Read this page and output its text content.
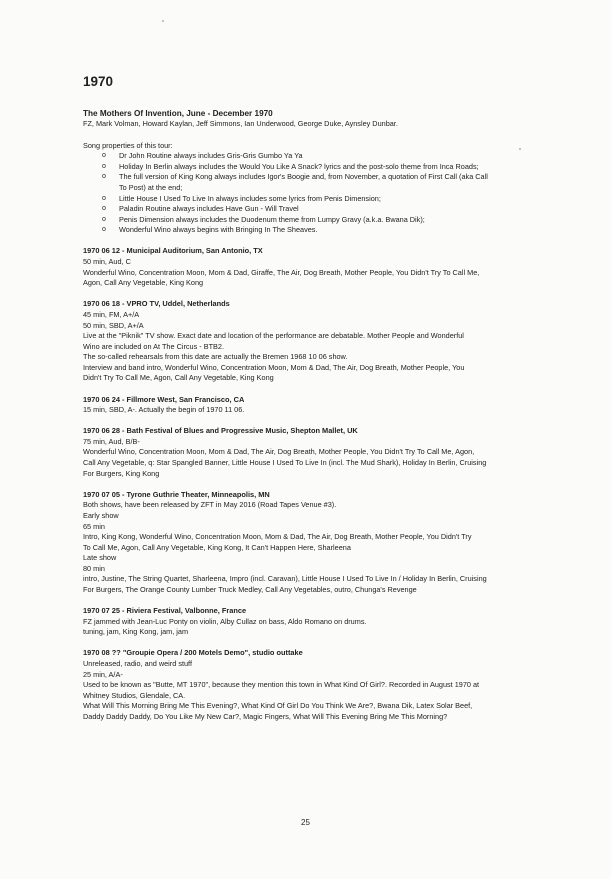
1970

The Mothers Of Invention, June - December 1970

FZ, Mark Volman, Howard Kaylan, Jeff Simmons, Ian Underwood, George Duke, Aynsley Dunbar.

Song properties of this tour:

o Dr John Routine always includes Gris-Gris Gumbo Ya Ya
o Holiday In Berlin always includes the Would You Like A Snack? lyrics and the post-solo theme from Inca Roads;
o The full version of King Kong always includes Igor's Boogie and, from November, a quotation of First Call (aka Call
To Post) at the end;
o Little House I Used To Live In always includes some lyrics from Penis Dimension;
o Paladin Routine always includes Have Gun - Will Travel
o Penis Dimension always includes the Duodenum theme from Lumpy Gravy (a.k.a. Bwana Dik);
o Wonderful Wino always begins with Bringing In The Sheaves.

1970 06 12 - Municipal Auditorium, San Antonio, TX

50 min, Aud, C

Wonderful Wino, Concentration Moon, Mom & Dad, Giraffe, The Air, Dog Breath, Mother People, You Didn't Try To Call Me,

Agon, Call Any Vegetable, King Kong

1970 06 18 - VPRO TV, Uddel, Netherlands

45 min, FM, A+/A

50 min, SBD, A+/A

Live at the "Piknik" TV show. Exact date and location of the performance are debatable. Mother People and Wonderful

Wino are included on At The Circus - BTB2.

The so-called rehearsals from this date are actually the Bremen 1968 10 06 show.

Interview and band intro, Wonderful Wino, Concentration Moon, Mom & Dad, The Air, Dog Breath, Mother People, You

Didn't Try To Call Me, Agon, Call Any Vegetable, King Kong

1970 06 24 - Fillmore West, San Francisco, CA

15 min, SBD, A-. Actually the begin of 1970 11 06.

1970 06 28 - Bath Festival of Blues and Progressive Music, Shepton Mallet, UK

75 min, Aud, B/B-

Wonderful Wino, Concentration Moon, Mom & Dad, The Air, Dog Breath, Mother People, You Didn't Try To Call Me, Agon,

Call Any Vegetable, q: Star Spangled Banner, Little House I Used To Live In (incl. The Mud Shark), Holiday In Berlin, Cruising

For Burgers, King Kong

1970 07 05 - Tyrone Guthrie Theater, Minneapolis, MN

Both shows, have been released by ZFT in May 2016 (Road Tapes Venue #3).

Early show

65 min

Intro, King Kong, Wonderful Wino, Concentration Moon, Mom & Dad, The Air, Dog Breath, Mother People, You Didn't Try

To Call Me, Agon, Call Any Vegetable, King Kong, It Can't Happen Here, Sharleena

Late show

80 min

intro, Justine, The String Quartet, Sharleena, Impro (incl. Caravan), Little House I Used To Live In / Holiday In Berlin, Cruising

For Burgers, The Orange County Lumber Truck Medley, Call Any Vegetables, outro, Chunga's Revenge

1970 07 25 - Riviera Festival, Valbonne, France

FZ jammed with Jean-Luc Ponty on violin, Alby Cullaz on bass, Aldo Romano on drums.

tuning, jam, King Kong, jam, jam

1970 08 ?? "Groupie Opera / 200 Motels Demo", studio outtake

Unreleased, radio, and weird stuff

25 min, A/A-

Used to be known as "Butte, MT 1970", because they mention this town in What Kind Of Girl?. Recorded in August 1970 at

Whitney Studios, Glendale, CA.

What Will This Morning Bring Me This Evening?, What Kind Of Girl Do You Think We Are?, Bwana Dik, Latex Solar Beef,

Daddy Daddy Daddy, Do You Like My New Car?, Magic Fingers, What Will This Evening Bring Me This Morning?

25
